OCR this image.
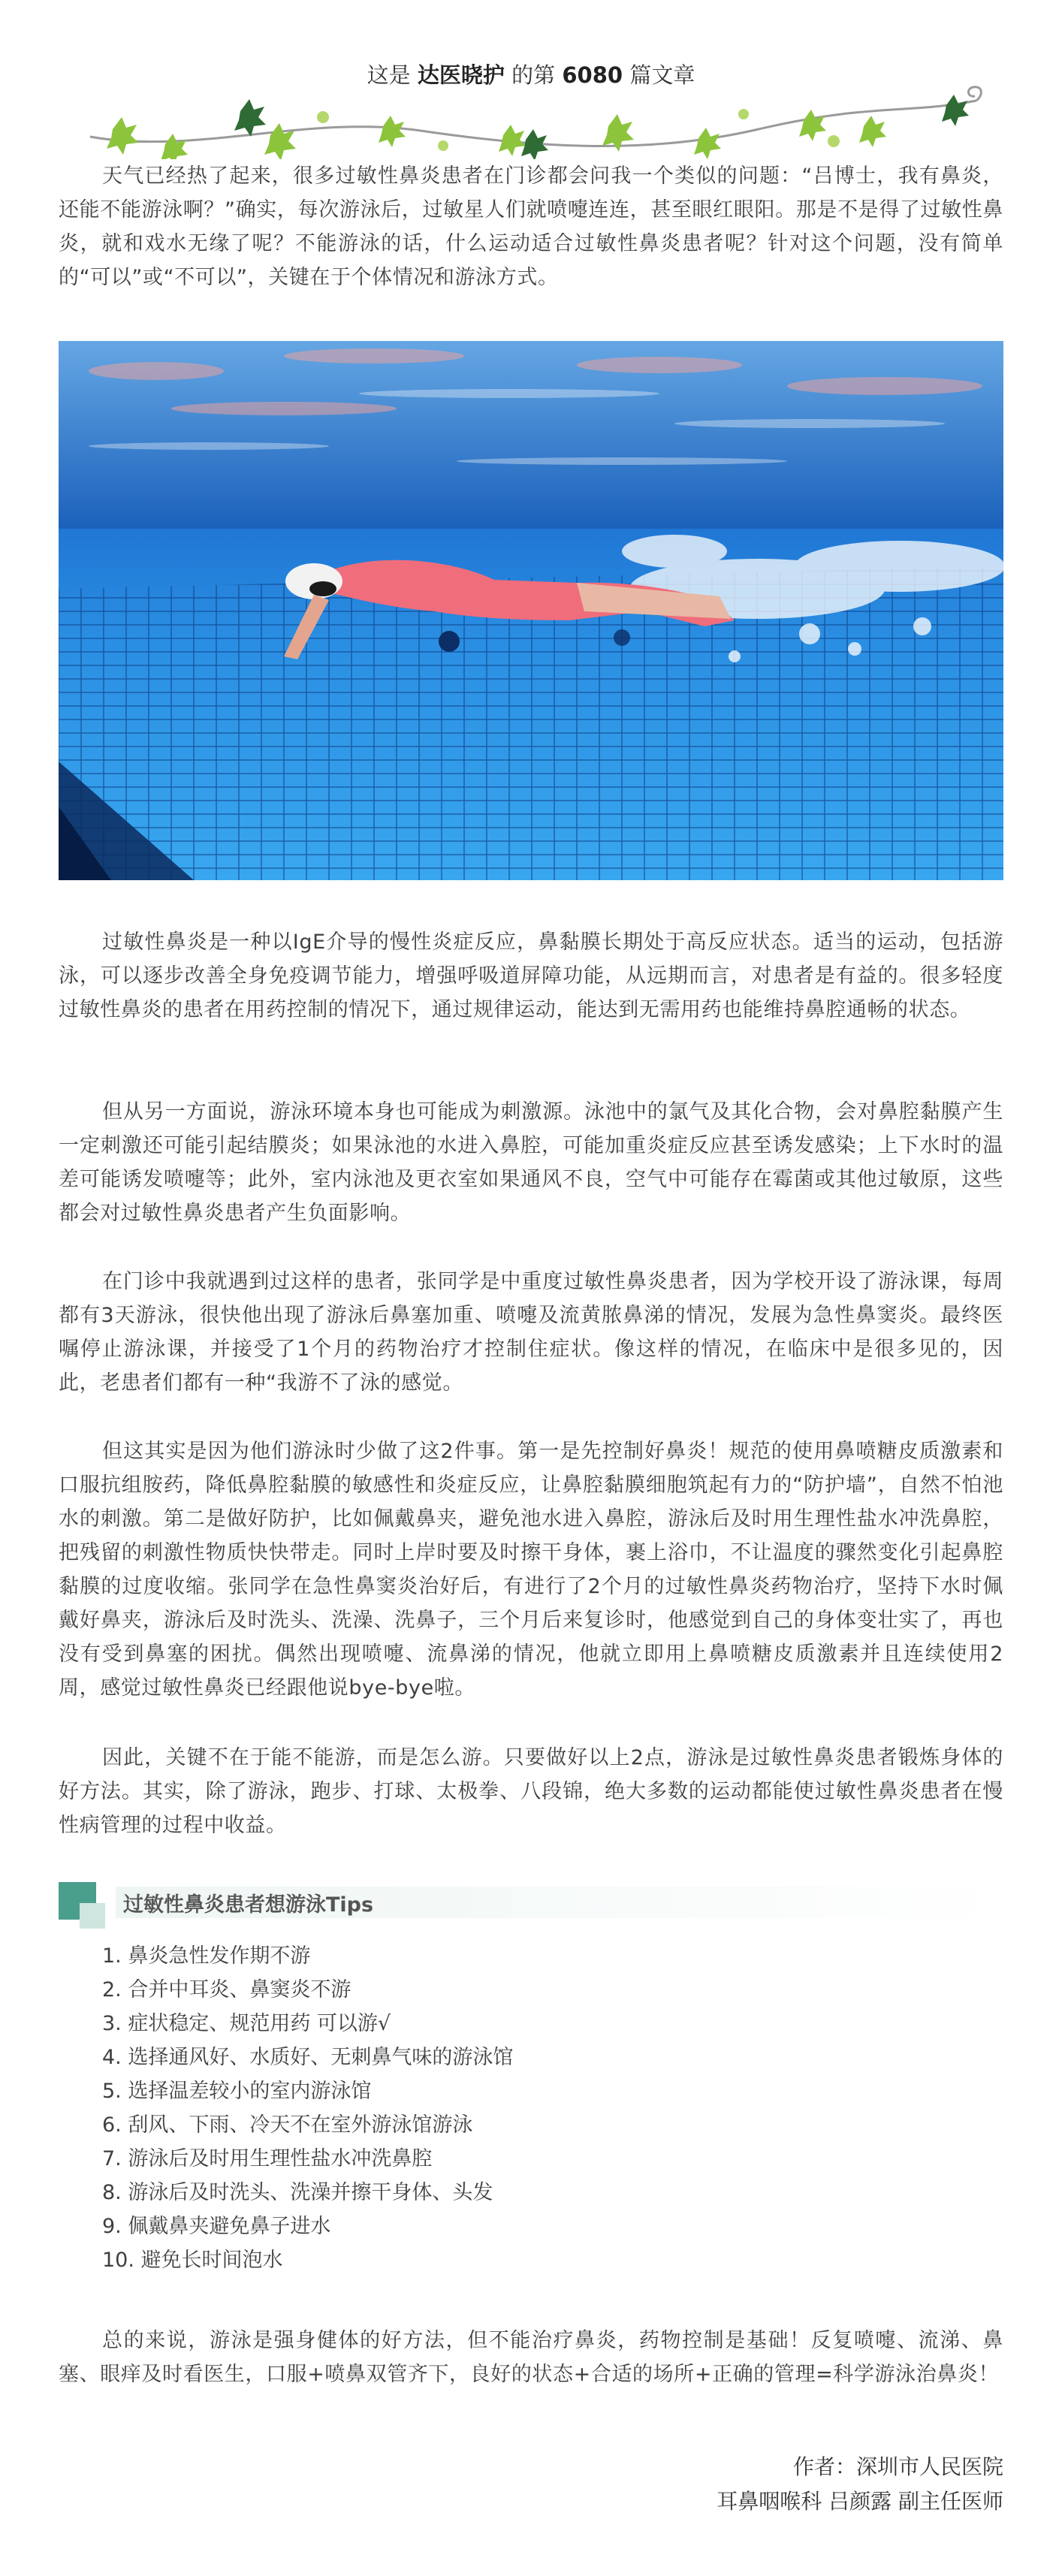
这是 达医晓护 的第 6080 篇文章

天气已经热了起来，很多过敏性鼻炎患者在门诊都会问我一个类似的问题：“吕博士，我有鼻炎，还能不能游泳啊？”确实，每次游泳后，过敏星人们就喷嚏连连，甚至眼红眼阳。那是不是得了过敏性鼻炎，就和戏水无缘了呢？不能游泳的话，什么运动适合过敏性鼻炎患者呢？针对这个问题，没有简单的“可以”或“不可以”，关键在于个体情况和游泳方式。

过敏性鼻炎是一种以IgE介导的慢性炎症反应，鼻黏膜长期处于高反应状态。适当的运动，包括游泳，可以逐步改善全身免疫调节能力，增强呼吸道屏障功能，从远期而言，对患者是有益的。很多轻度过敏性鼻炎的患者在用药控制的情况下，通过规律运动，能达到无需用药也能维持鼻腔通畅的状态。

但从另一方面说，游泳环境本身也可能成为刺激源。泳池中的氯气及其化合物，会对鼻腔黏膜产生一定刺激还可能引起结膜炎；如果泳池的水进入鼻腔，可能加重炎症反应甚至诱发感染；上下水时的温差可能诱发喷嚏等；此外，室内泳池及更衣室如果通风不良，空气中可能存在霉菌或其他过敏原，这些都会对过敏性鼻炎患者产生负面影响。

在门诊中我就遇到过这样的患者，张同学是中重度过敏性鼻炎患者，因为学校开设了游泳课，每周都有3天游泳，很快他出现了游泳后鼻塞加重、喷嚏及流黄脓鼻涕的情况，发展为急性鼻窦炎。最终医嘱停止游泳课，并接受了1个月的药物治疗才控制住症状。像这样的情况，在临床中是很多见的，因此，老患者们都有一种“我游不了泳的感觉。

但这其实是因为他们游泳时少做了这2件事。第一是先控制好鼻炎！规范的使用鼻喷糖皮质激素和口服抗组胺药，降低鼻腔黏膜的敏感性和炎症反应，让鼻腔黏膜细胞筑起有力的“防护墙”，自然不怕池水的刺激。第二是做好防护，比如佩戴鼻夹，避免池水进入鼻腔，游泳后及时用生理性盐水冲洗鼻腔，把残留的刺激性物质快快带走。同时上岸时要及时擦干身体，裹上浴巾，不让温度的骤然变化引起鼻腔黏膜的过度收缩。张同学在急性鼻窦炎治好后，有进行了2个月的过敏性鼻炎药物治疗，坚持下水时佩戴好鼻夹，游泳后及时洗头、洗澡、洗鼻子，三个月后来复诊时，他感觉到自己的身体变壮实了，再也没有受到鼻塞的困扰。偶然出现喷嚏、流鼻涕的情况，他就立即用上鼻喷糖皮质激素并且连续使用2周，感觉过敏性鼻炎已经跟他说bye-bye啦。

因此，关键不在于能不能游，而是怎么游。只要做好以上2点，游泳是过敏性鼻炎患者锻炼身体的好方法。其实，除了游泳，跑步、打球、太极拳、八段锦，绝大多数的运动都能使过敏性鼻炎患者在慢性病管理的过程中收益。

过敏性鼻炎患者想游泳Tips
1. 鼻炎急性发作期不游
2. 合并中耳炎、鼻窦炎不游
3. 症状稳定、规范用药 可以游√
4. 选择通风好、水质好、无刺鼻气味的游泳馆
5. 选择温差较小的室内游泳馆
6. 刮风、下雨、冷天不在室外游泳馆游泳
7. 游泳后及时用生理性盐水冲洗鼻腔
8. 游泳后及时洗头、洗澡并擦干身体、头发
9. 佩戴鼻夹避免鼻子进水
10. 避免长时间泡水

总的来说，游泳是强身健体的好方法，但不能治疗鼻炎，药物控制是基础！反复喷嚏、流涕、鼻塞、眼痒及时看医生，口服+喷鼻双管齐下，良好的状态+合适的场所+正确的管理=科学游泳治鼻炎！

作者：深圳市人民医院
耳鼻咽喉科 吕颜露 副主任医师
